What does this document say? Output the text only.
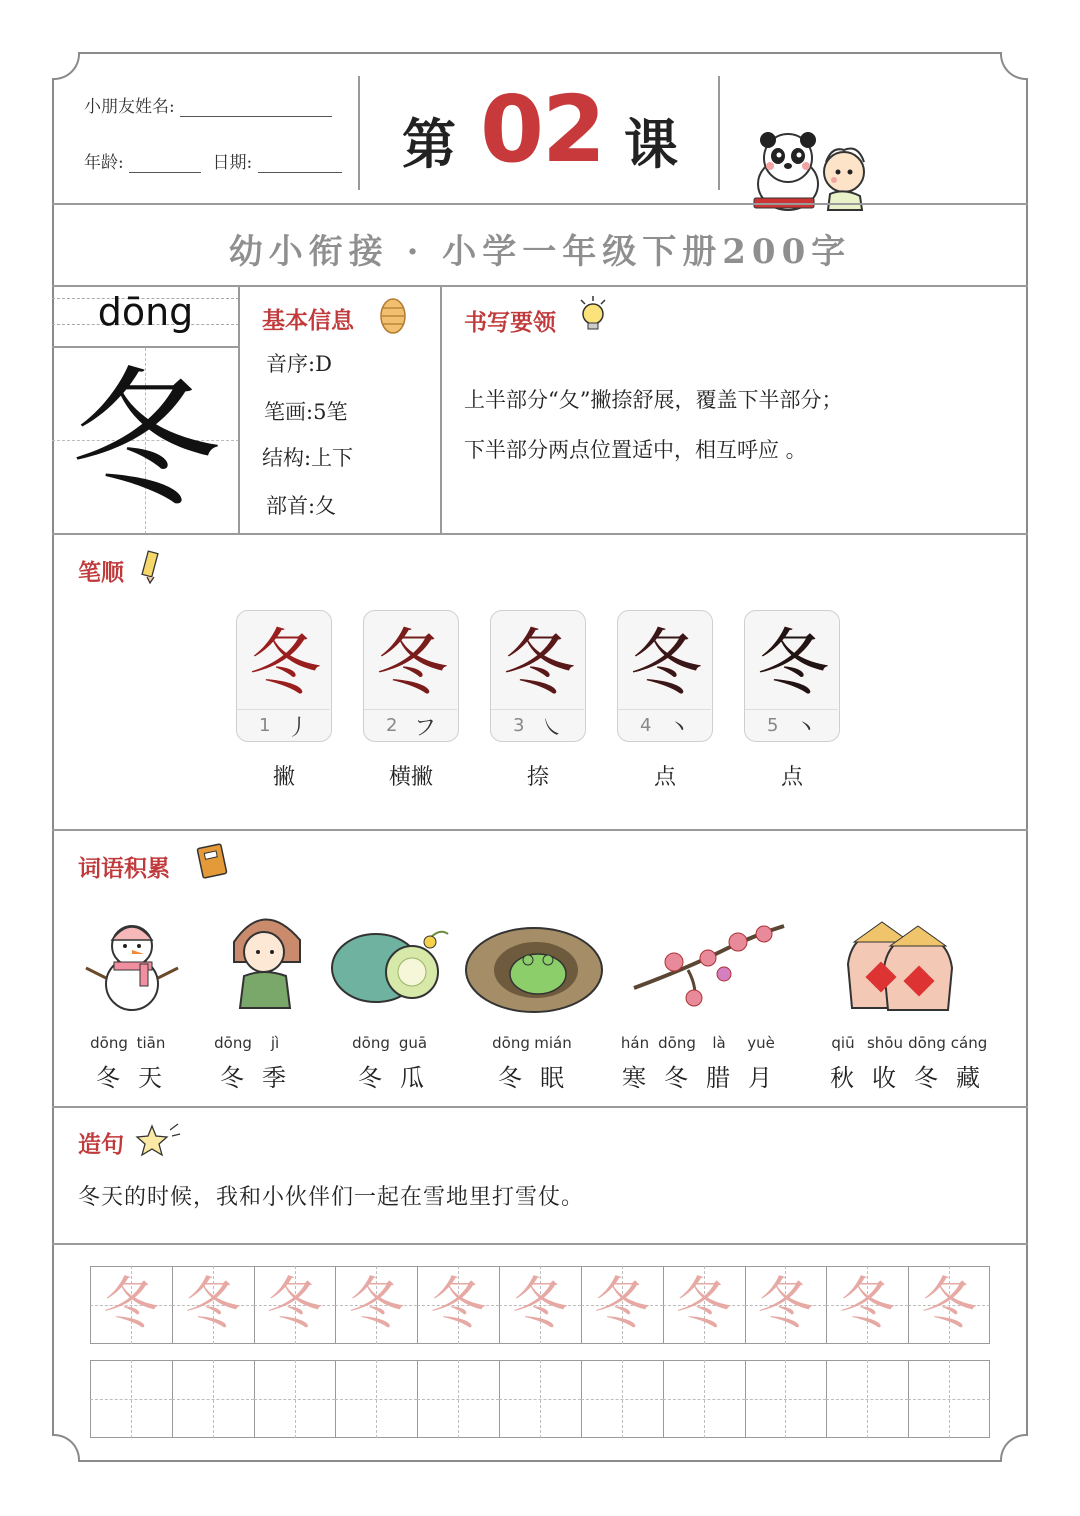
小朋友姓名:
年龄:	日期:	第 02 课
幼小衔接 · 小学一年级下册200字
dōng
冬
基本信息
音序:D
笔画:5笔
结构:上下
部首:夂
书写要领
上半部分“夂”撇捺舒展，覆盖下半部分；
下半部分两点位置适中，相互呼应 。
笔顺
冬
1 丿
撇
冬
2 フ
横撇
冬
3 ㇏
捺
冬
4 丶
点
冬
5 丶
点
词语积累
dōng
冬
tiān
天
dōng
冬
jì
季
dōng
冬
guā
瓜
dōng
冬
mián
眠
hán
寒
dōng
冬
là
腊
yuè
月
qiū
秋
shōu
收
dōng
冬
cáng
藏
造句
冬天的时候，我和小伙伴们一起在雪地里打雪仗。
冬 冬 冬 冬 冬 冬 冬 冬 冬 冬 冬
